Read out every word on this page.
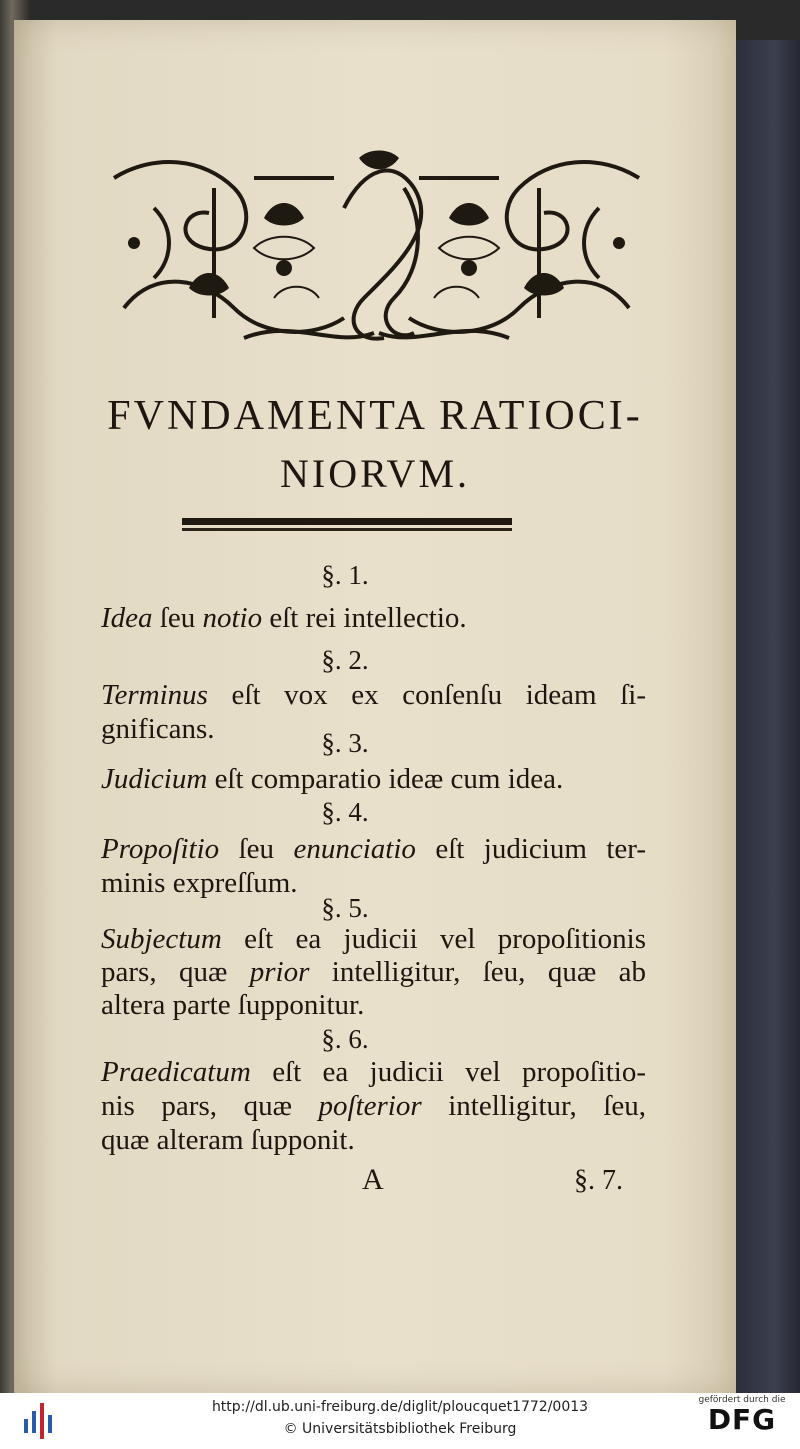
FVNDAMENTA RATIOCI-
NIORVM.
§. 1.
Idea ſeu notio eſt rei intellectio.
§. 2.
Terminus eſt vox ex conſenſu ideam ſi-
gnificans.	§. 3.
Judicium eſt comparatio ideæ cum idea.
§. 4.
Propoſitio ſeu enunciatio eſt judicium ter-
minis expreſſum.
§. 5.
Subjectum eſt ea judicii vel propoſitionis
pars, quæ prior intelligitur, ſeu, quæ ab
altera parte ſupponitur.
§. 6.
Praedicatum eſt ea judicii vel propoſitio-
nis pars, quæ poſterior intelligitur, ſeu,
quæ alteram ſupponit.
A	§. 7.
http://dl.ub.uni-freiburg.de/diglit/ploucquet1772/0013
© Universitätsbibliothek Freiburg
gefördert durch die
DFG
